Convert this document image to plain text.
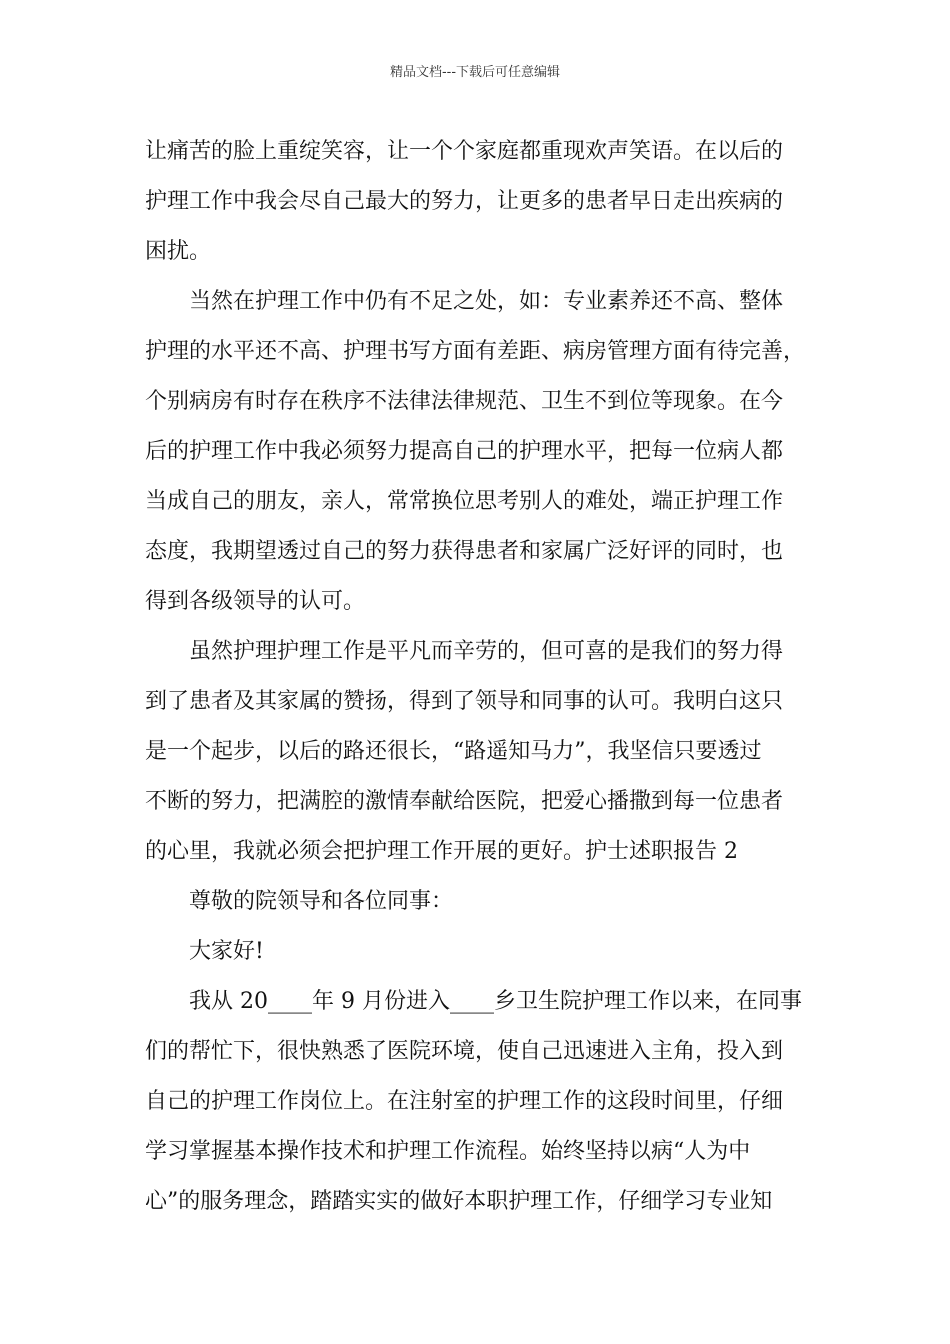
精品文档---下载后可任意编辑
让痛苦的脸上重绽笑容，让一个个家庭都重现欢声笑语。在以后的
护理工作中我会尽自己最大的努力，让更多的患者早日走出疾病的
困扰。
当然在护理工作中仍有不足之处，如：专业素养还不高、整体
护理的水平还不高、护理书写方面有差距、病房管理方面有待完善，
个别病房有时存在秩序不法律法律规范、卫生不到位等现象。在今
后的护理工作中我必须努力提高自己的护理水平，把每一位病人都
当成自己的朋友，亲人，常常换位思考别人的难处，端正护理工作
态度，我期望透过自己的努力获得患者和家属广泛好评的同时，也
得到各级领导的认可。
虽然护理护理工作是平凡而辛劳的，但可喜的是我们的努力得
到了患者及其家属的赞扬，得到了领导和同事的认可。我明白这只
是一个起步，以后的路还很长，“路遥知马力”，我坚信只要透过
不断的努力，把满腔的激情奉献给医院，把爱心播撒到每一位患者
的心里，我就必须会把护理工作开展的更好。护士述职报告 2
尊敬的院领导和各位同事：
大家好!
我从 20____年 9 月份进入____乡卫生院护理工作以来，在同事
们的帮忙下，很快熟悉了医院环境，使自己迅速进入主角，投入到
自己的护理工作岗位上。在注射室的护理工作的这段时间里，仔细
学习掌握基本操作技术和护理工作流程。始终坚持以病“人为中
心”的服务理念，踏踏实实的做好本职护理工作，仔细学习专业知
